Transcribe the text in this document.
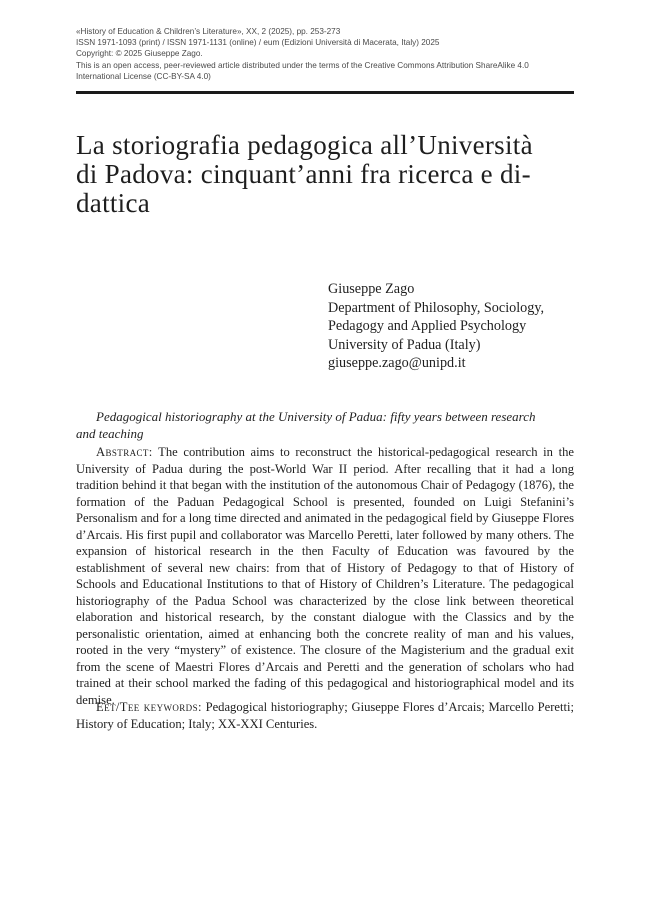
«History of Education & Children’s Literature», XX, 2 (2025), pp. 253-273
ISSN 1971-1093 (print) / ISSN 1971-1131 (online) / eum (Edizioni Università di Macerata, Italy) 2025
Copyright: © 2025 Giuseppe Zago.
This is an open access, peer-reviewed article distributed under the terms of the Creative Commons Attribution ShareAlike 4.0
International License (CC-BY-SA 4.0)
La storiografia pedagogica all’Università
di Padova: cinquant’anni fra ricerca e di-
dattica
Giuseppe Zago
Department of Philosophy, Sociology,
Pedagogy and Applied Psychology
University of Padua (Italy)
giuseppe.zago@unipd.it
Pedagogical historiography at the University of Padua: fifty years between research
and teaching

Abstract: The contribution aims to reconstruct the historical-pedagogical research in the University of Padua during the post-World War II period. After recalling that it had a long tradition behind it that began with the institution of the autonomous Chair of Pedagogy (1876), the formation of the Paduan Pedagogical School is presented, founded on Luigi Stefanini’s Personalism and for a long time directed and animated in the pedagogical field by Giuseppe Flores d’Arcais. His first pupil and collaborator was Marcello Peretti, later followed by many others. The expansion of historical research in the then Faculty of Education was favoured by the establishment of several new chairs: from that of History of Pedagogy to that of History of Schools and Educational Institutions to that of History of Children’s Literature. The pedagogical historiography of the Padua School was characterized by the close link between theoretical elaboration and historical research, by the constant dialogue with the Classics and by the personalistic orientation, aimed at enhancing both the concrete reality of man and his values, rooted in the very “mystery” of existence. The closure of the Magisterium and the gradual exit from the scene of Maestri Flores d’Arcais and Peretti and the generation of scholars who had trained at their school marked the fading of this pedagogical and historiographical model and its demise.

Eet/Tee keywords: Pedagogical historiography; Giuseppe Flores d’Arcais; Marcello Peretti; History of Education; Italy; XX-XXI Centuries.
